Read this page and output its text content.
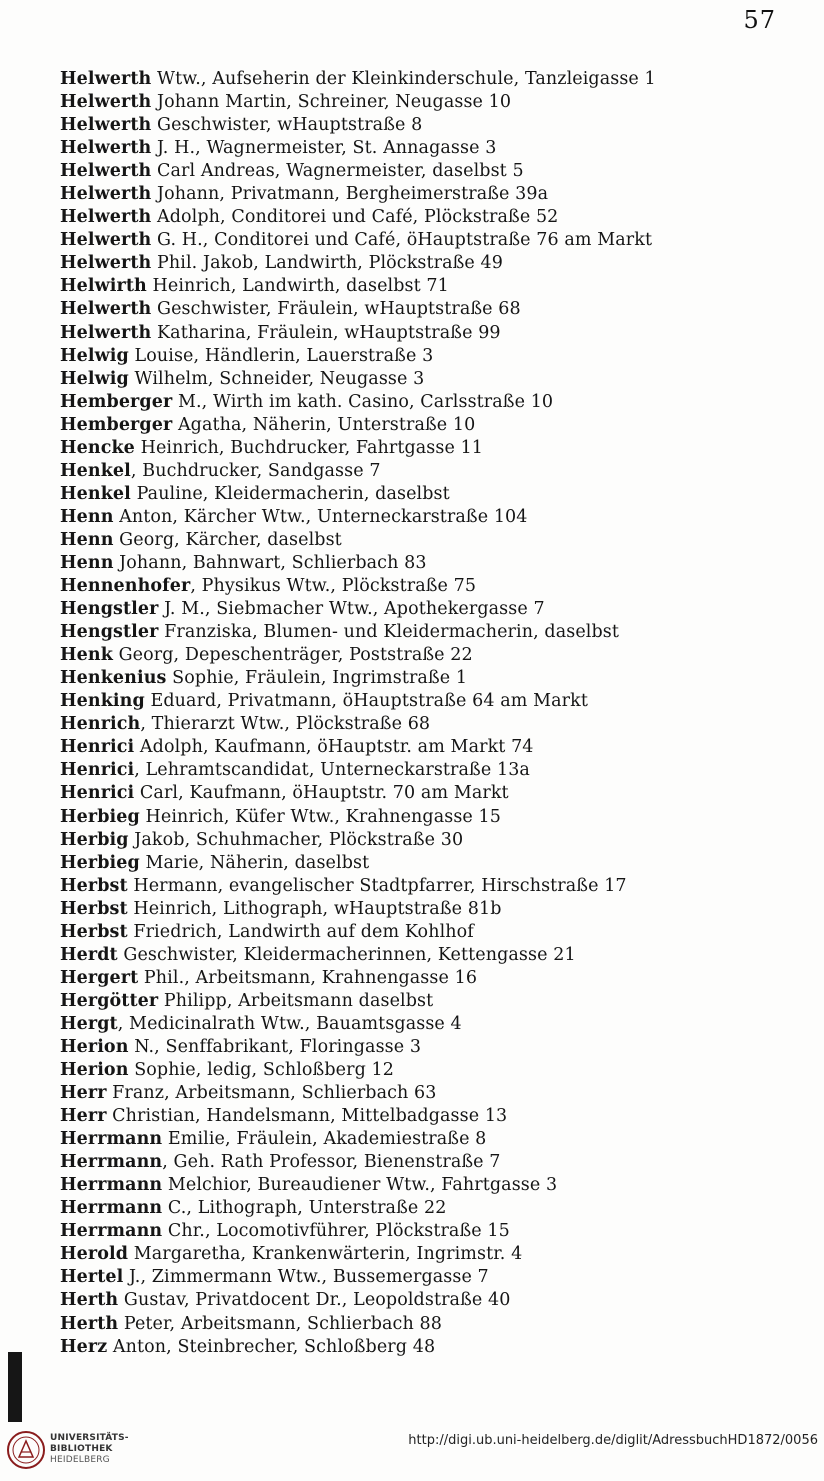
57
Helwerth Wtw., Aufseherin der Kleinkinderschule, Tanzleigasse 1
Helwerth Johann Martin, Schreiner, Neugasse 10
Helwerth Geschwister, wHauptstraße 8
Helwerth J. H., Wagnermeister, St. Annagasse 3
Helwerth Carl Andreas, Wagnermeister, daselbst 5
Helwerth Johann, Privatmann, Bergheimerstraße 39a
Helwerth Adolph, Conditorei und Café, Plöckstraße 52
Helwerth G. H., Conditorei und Café, öHauptstraße 76 am Markt
Helwerth Phil. Jakob, Landwirth, Plöckstraße 49
Helwirth Heinrich, Landwirth, daselbst 71
Helwerth Geschwister, Fräulein, wHauptstraße 68
Helwerth Katharina, Fräulein, wHauptstraße 99
Helwig Louise, Händlerin, Lauerstraße 3
Helwig Wilhelm, Schneider, Neugasse 3
Hemberger M., Wirth im kath. Casino, Carlsstraße 10
Hemberger Agatha, Näherin, Unterstraße 10
Hencke Heinrich, Buchdrucker, Fahrtgasse 11
Henkel, Buchdrucker, Sandgasse 7
Henkel Pauline, Kleidermacherin, daselbst
Henn Anton, Kärcher Wtw., Unterneckarstraße 104
Henn Georg, Kärcher, daselbst
Henn Johann, Bahnwart, Schlierbach 83
Hennenhofer, Physikus Wtw., Plöckstraße 75
Hengstler J. M., Siebmacher Wtw., Apothekergasse 7
Hengstler Franziska, Blumen- und Kleidermacherin, daselbst
Henk Georg, Depeschenträger, Poststraße 22
Henkenius Sophie, Fräulein, Ingrimstraße 1
Henking Eduard, Privatmann, öHauptstraße 64 am Markt
Henrich, Thierarzt Wtw., Plöckstraße 68
Henrici Adolph, Kaufmann, öHauptstr. am Markt 74
Henrici, Lehramtscandidat, Unterneckarstraße 13a
Henrici Carl, Kaufmann, öHauptstr. 70 am Markt
Herbieg Heinrich, Küfer Wtw., Krahnengasse 15
Herbig Jakob, Schuhmacher, Plöckstraße 30
Herbieg Marie, Näherin, daselbst
Herbst Hermann, evangelischer Stadtpfarrer, Hirschstraße 17
Herbst Heinrich, Lithograph, wHauptstraße 81b
Herbst Friedrich, Landwirth auf dem Kohlhof
Herdt Geschwister, Kleidermacherinnen, Kettengasse 21
Hergert Phil., Arbeitsmann, Krahnengasse 16
Hergötter Philipp, Arbeitsmann daselbst
Hergt, Medicinalrath Wtw., Bauamtsgasse 4
Herion N., Senffabrikant, Floringasse 3
Herion Sophie, ledig, Schloßberg 12
Herr Franz, Arbeitsmann, Schlierbach 63
Herr Christian, Handelsmann, Mittelbadgasse 13
Herrmann Emilie, Fräulein, Akademiestraße 8
Herrmann, Geh. Rath Professor, Bienenstraße 7
Herrmann Melchior, Bureaudiener Wtw., Fahrtgasse 3
Herrmann C., Lithograph, Unterstraße 22
Herrmann Chr., Locomotivführer, Plöckstraße 15
Herold Margaretha, Krankenwärterin, Ingrimstr. 4
Hertel J., Zimmermann Wtw., Bussemergasse 7
Herth Gustav, Privatdocent Dr., Leopoldstraße 40
Herth Peter, Arbeitsmann, Schlierbach 88
Herz Anton, Steinbrecher, Schloßberg 48
UNIVERSITÄTS-
BIBLIOTHEK
HEIDELBERG
http://digi.ub.uni-heidelberg.de/diglit/AdressbuchHD1872/0056
